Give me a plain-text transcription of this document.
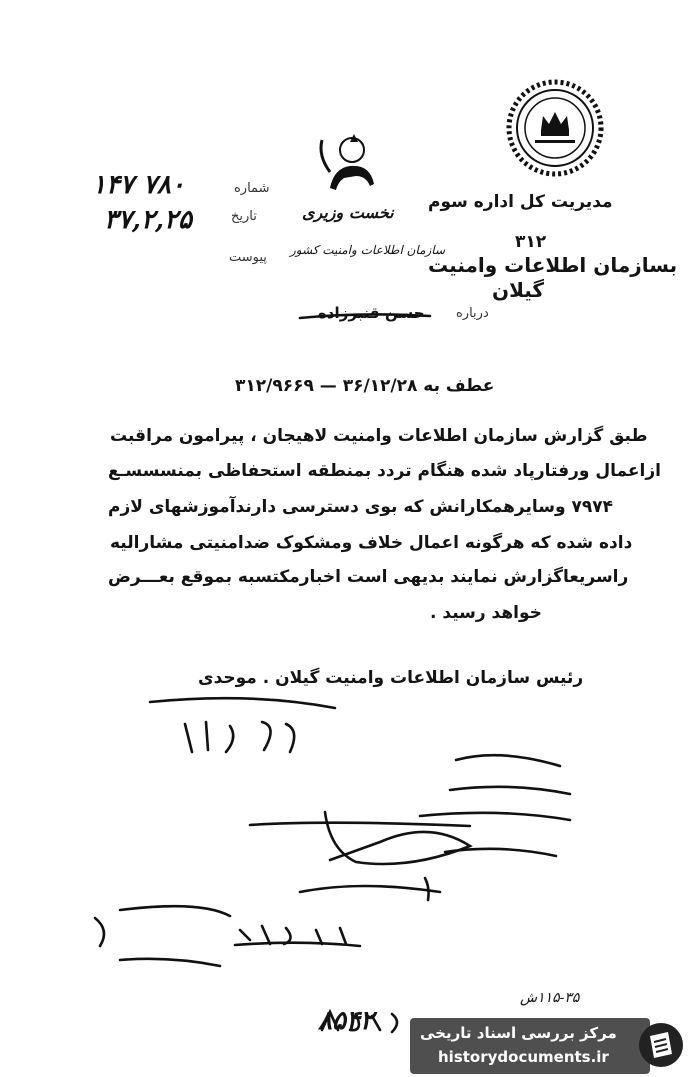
شماره
تاریخ
پیوست
۱۴۷ ۷۸۰
۳۷,۲,۲۵	نخست وزیری
سازمان اطلاعات وامنیت کشور
مدیریت کل اداره سوم
۳۱۲
بسازمان اطلاعات وامنیت
گیلان
درباره
حسن قنبرزاده
عطف به ۳۶/۱۲/۲۸ — ۳۱۲/۹۶۶۹
طبق گزارش سازمان اطلاعات وامنیت لاهیجان ، پیرامون مراقبت
ازاعمال ورفتارپاد شده هنگام تردد بمنطقه استحفاظی بمنسسسـع
۷۹۷۴ وسایرهمکارانش که بوی دسترسی دارندآموزشهای لازم
داده شده که هرگونه اعمال خلاف ومشکوک ضدامنیتی مشارالیه
راسریعاگزارش نمایند بدیهی است اخبارمکتسبه بموقع بعـــرض
خواهد رسید .
رئیس سازمان اطلاعات وامنیت گیلان . موحدی
۱۱۵-۳۵ش
۸۵۴۲	مرکز بررسی اسناد تاریخی
historydocuments.ir
